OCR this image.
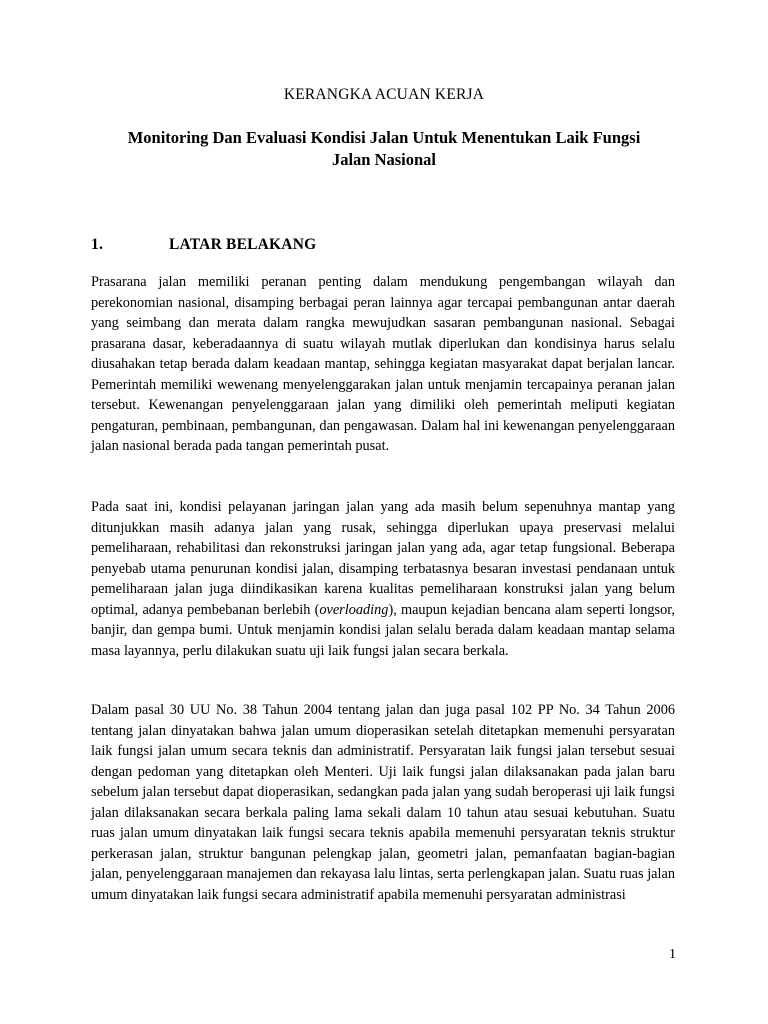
KERANGKA ACUAN KERJA
Monitoring Dan Evaluasi Kondisi Jalan Untuk Menentukan Laik Fungsi
Jalan Nasional
1.	LATAR BELAKANG

Prasarana jalan memiliki peranan penting dalam mendukung pengembangan wilayah dan perekonomian nasional, disamping berbagai peran lainnya agar tercapai pembangunan antar daerah yang seimbang dan merata dalam rangka mewujudkan sasaran pembangunan nasional. Sebagai prasarana dasar, keberadaannya di suatu wilayah mutlak diperlukan dan kondisinya harus selalu diusahakan tetap berada dalam keadaan mantap, sehingga kegiatan masyarakat dapat berjalan lancar. Pemerintah memiliki wewenang menyelenggarakan jalan untuk menjamin tercapainya peranan jalan tersebut. Kewenangan penyelenggaraan jalan yang dimiliki oleh pemerintah meliputi kegiatan pengaturan, pembinaan, pembangunan, dan pengawasan. Dalam hal ini kewenangan penyelenggaraan jalan nasional berada pada tangan pemerintah pusat.

Pada saat ini, kondisi pelayanan jaringan jalan yang ada masih belum sepenuhnya mantap yang ditunjukkan masih adanya jalan yang rusak, sehingga diperlukan upaya preservasi melalui pemeliharaan, rehabilitasi dan rekonstruksi jaringan jalan yang ada, agar tetap fungsional. Beberapa penyebab utama penurunan kondisi jalan, disamping terbatasnya besaran investasi pendanaan untuk pemeliharaan jalan juga diindikasikan karena kualitas pemeliharaan konstruksi jalan yang belum optimal, adanya pembebanan berlebih (overloading), maupun kejadian bencana alam seperti longsor, banjir, dan gempa bumi. Untuk menjamin kondisi jalan selalu berada dalam keadaan mantap selama masa layannya, perlu dilakukan suatu uji laik fungsi jalan secara berkala.

Dalam pasal 30 UU No. 38 Tahun 2004 tentang jalan dan juga pasal 102 PP No. 34 Tahun 2006 tentang jalan dinyatakan bahwa jalan umum dioperasikan setelah ditetapkan memenuhi persyaratan laik fungsi jalan umum secara teknis dan administratif. Persyaratan laik fungsi jalan tersebut sesuai dengan pedoman yang ditetapkan oleh Menteri. Uji laik fungsi jalan dilaksanakan pada jalan baru sebelum jalan tersebut dapat dioperasikan, sedangkan pada jalan yang sudah beroperasi uji laik fungsi jalan dilaksanakan secara berkala paling lama sekali dalam 10 tahun atau sesuai kebutuhan. Suatu ruas jalan umum dinyatakan laik fungsi secara teknis apabila memenuhi persyaratan teknis struktur perkerasan jalan, struktur bangunan pelengkap jalan, geometri jalan, pemanfaatan bagian-bagian jalan, penyelenggaraan manajemen dan rekayasa lalu lintas, serta perlengkapan jalan. Suatu ruas jalan umum dinyatakan laik fungsi secara administratif apabila memenuhi persyaratan administrasi

1
